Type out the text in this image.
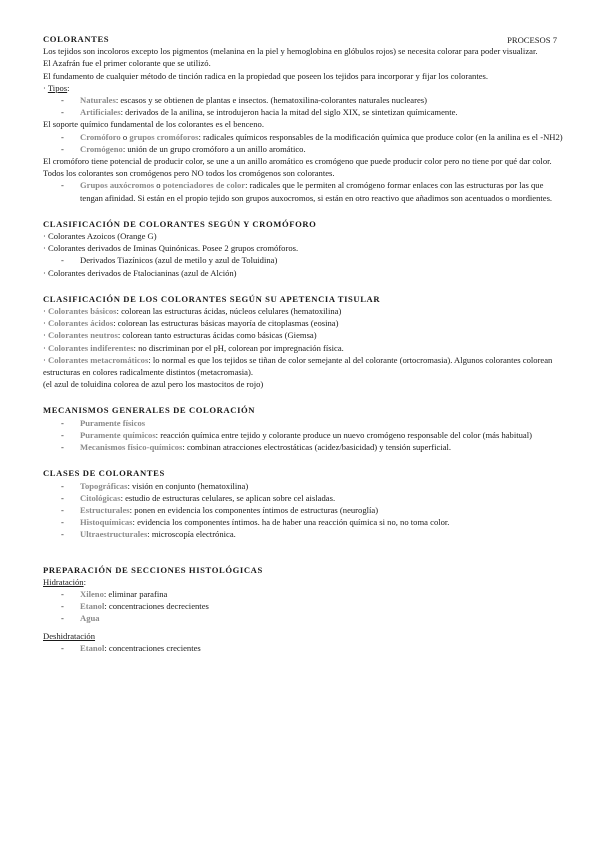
PROCESOS 7

COLORANTES

Los tejidos son incoloros excepto los pigmentos (melanina en la piel y hemoglobina en glóbulos rojos) se necesita colorar para poder visualizar.

El Azafrán fue el primer colorante que se utilizó.

El fundamento de cualquier método de tinción radica en la propiedad que poseen los tejidos para incorporar y fijar los colorantes.

· Tipos:

- Naturales: escasos y se obtienen de plantas e insectos. (hematoxilina-colorantes naturales nucleares)

- Artificiales: derivados de la anilina, se introdujeron hacia la mitad del siglo XIX, se sintetizan químicamente.

El soporte químico fundamental de los colorantes es el benceno.

- Cromóforo o grupos cromóforos: radicales químicos responsables de la modificación química que produce color (en la anilina es el -NH2)

- Cromógeno: unión de un grupo cromóforo a un anillo aromático.

El cromóforo tiene potencial de producir color, se une a un anillo aromático es cromógeno que puede producir color pero no tiene por qué dar color.

Todos los colorantes son cromógenos pero NO todos los cromógenos son colorantes.

- Grupos auxócromos o potenciadores de color: radicales que le permiten al cromógeno formar enlaces con las estructuras por las que tengan afinidad. Si están en el propio tejido son grupos auxocromos, si están en otro reactivo que añadimos son acentuados o mordientes.

CLASIFICACIÓN DE COLORANTES SEGÚN Y CROMÓFORO

· Colorantes Azoicos (Orange G)

· Colorantes derivados de Iminas Quinónicas. Posee 2 grupos cromóforos.

- Derivados Tiazínicos (azul de metilo y azul de Toluidina)

· Colorantes derivados de Ftalocianinas (azul de Alción)

CLASIFICACIÓN DE LOS COLORANTES SEGÚN SU APETENCIA TISULAR

· Colorantes básicos: colorean las estructuras ácidas, núcleos celulares (hematoxilina)

· Colorantes ácidos: colorean las estructuras básicas mayoría de citoplasmas (eosina)

· Colorantes neutros: colorean tanto estructuras ácidas como básicas (Giemsa)

· Colorantes indiferentes: no discriminan por el pH, colorean por impregnación física.

· Colorantes metacromáticos: lo normal es que los tejidos se tiñan de color semejante al del colorante (ortocromasia). Algunos colorantes colorean estructuras en colores radicalmente distintos (metacromasia).

(el azul de toluidina colorea de azul pero los mastocitos de rojo)

MECANISMOS GENERALES DE COLORACIÓN

- Puramente físicos

- Puramente químicos: reacción química entre tejido y colorante produce un nuevo cromógeno responsable del color (más habitual)

- Mecanismos físico-químicos: combinan atracciones electrostáticas (acidez/basicidad) y tensión superficial.

CLASES DE COLORANTES

- Topográficas: visión en conjunto (hematoxilina)

- Citológicas: estudio de estructuras celulares, se aplican sobre cel aisladas.

- Estructurales: ponen en evidencia los componentes íntimos de estructuras (neuroglía)

- Histoquímicas: evidencia los componentes íntimos. ha de haber una reacción química si no, no toma color.

- Ultraestructurales: microscopía electrónica.

PREPARACIÓN DE SECCIONES HISTOLÓGICAS

Hidratación:

- Xileno: eliminar parafina

- Etanol: concentraciones decrecientes

- Agua

Deshidratación

- Etanol: concentraciones crecientes
